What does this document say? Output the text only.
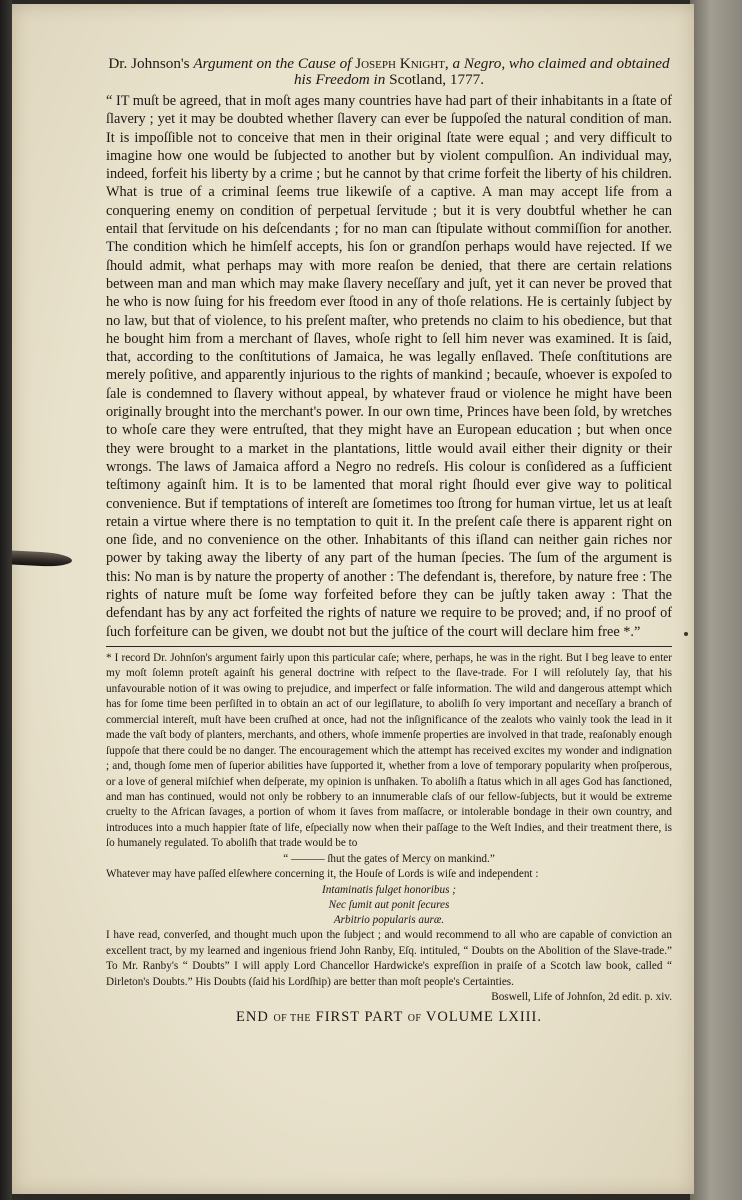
Dr. Johnson's Argument on the Cause of Joseph Knight, a Negro, who claimed and obtained his Freedom in Scotland, 1777.

“ IT muſt be agreed, that in moſt ages many countries have had part of their inhabitants in a ſtate of ſlavery ; yet it may be doubted whether ſlavery can ever be ſuppoſed the natural condition of man. It is impoſſible not to conceive that men in their original ſtate were equal ; and very difficult to imagine how one would be ſubjected to another but by violent compulſion. An individual may, indeed, forfeit his liberty by a crime ; but he cannot by that crime forfeit the liberty of his children. What is true of a criminal ſeems true likewiſe of a captive. A man may accept life from a conquering enemy on condition of perpetual ſervitude ; but it is very doubtful whether he can entail that ſervitude on his deſcendants ; for no man can ſtipulate without commiſſion for another. The condition which he himſelf accepts, his ſon or grandſon perhaps would have rejected. If we ſhould admit, what perhaps may with more reaſon be denied, that there are certain relations between man and man which may make ſlavery neceſſary and juſt, yet it can never be proved that he who is now ſuing for his freedom ever ſtood in any of thoſe relations. He is certainly ſubject by no law, but that of violence, to his preſent maſter, who pretends no claim to his obedience, but that he bought him from a merchant of ſlaves, whoſe right to ſell him never was examined. It is ſaid, that, according to the conſtitutions of Jamaica, he was legally enſlaved. Theſe conſtitutions are merely poſitive, and apparently injurious to the rights of mankind ; becauſe, whoever is expoſed to ſale is condemned to ſlavery without appeal, by whatever fraud or violence he might have been originally brought into the merchant's power. In our own time, Princes have been ſold, by wretches to whoſe care they were entruſted, that they might have an European education ; but when once they were brought to a market in the plantations, little would avail either their dignity or their wrongs. The laws of Jamaica afford a Negro no redreſs. His colour is conſidered as a ſufficient teſtimony againſt him. It is to be lamented that moral right ſhould ever give way to political convenience. But if temptations of intereſt are ſometimes too ſtrong for human virtue, let us at leaſt retain a virtue where there is no temptation to quit it. In the preſent caſe there is apparent right on one ſide, and no convenience on the other. Inhabitants of this iſland can neither gain riches nor power by taking away the liberty of any part of the human ſpecies. The ſum of the argument is this: No man is by nature the property of another : The defendant is, therefore, by nature free : The rights of nature muſt be ſome way forfeited before they can be juſtly taken away : That the defendant has by any act forfeited the rights of nature we require to be proved; and, if no proof of ſuch forfeiture can be given, we doubt not but the juſtice of the court will declare him free *.”

* I record Dr. Johnſon's argument fairly upon this particular caſe; where, perhaps, he was in the right. But I beg leave to enter my moſt ſolemn proteſt againſt his general doctrine with reſpect to the ſlave-trade. For I will reſolutely ſay, that his unfavourable notion of it was owing to prejudice, and imperfect or falſe information. The wild and dangerous attempt which has for ſome time been perſiſted in to obtain an act of our legiſlature, to aboliſh ſo very important and neceſſary a branch of commercial intereſt, muſt have been cruſhed at once, had not the inſignificance of the zealots who vainly took the lead in it made the vaſt body of planters, merchants, and others, whoſe immenſe properties are involved in that trade, reaſonably enough ſuppoſe that there could be no danger. The encouragement which the attempt has received excites my wonder and indignation ; and, though ſome men of ſuperior abilities have ſupported it, whether from a love of temporary popularity when proſperous, or a love of general miſchief when deſperate, my opinion is unſhaken. To aboliſh a ſtatus which in all ages God has ſanctioned, and man has continued, would not only be robbery to an innumerable claſs of our fellow-ſubjects, but it would be extreme cruelty to the African ſavages, a portion of whom it ſaves from maſſacre, or intolerable bondage in their own country, and introduces into a much happier ſtate of life, eſpecially now when their paſſage to the Weſt Indies, and their treatment there, is ſo humanely regulated. To aboliſh that trade would be to

“ ——— ſhut the gates of Mercy on mankind.”

Whatever may have paſſed elſewhere concerning it, the Houſe of Lords is wiſe and independent :

Intaminatis fulget honoribus ;

Nec ſumit aut ponit ſecures

Arbitrio popularis auræ.

I have read, converſed, and thought much upon the ſubject ; and would recommend to all who are capable of conviction an excellent tract, by my learned and ingenious friend John Ranby, Eſq. intituled, “ Doubts on the Abolition of the Slave-trade.” To Mr. Ranby's “ Doubts” I will apply Lord Chancellor Hardwicke's expreſſion in praiſe of a Scotch law book, called “ Dirleton's Doubts.” His Doubts (ſaid his Lordſhip) are better than moſt people's Certainties.

Boswell, Life of Johnſon, 2d edit. p. xiv.

END OF THE FIRST PART OF VOLUME LXIII.
